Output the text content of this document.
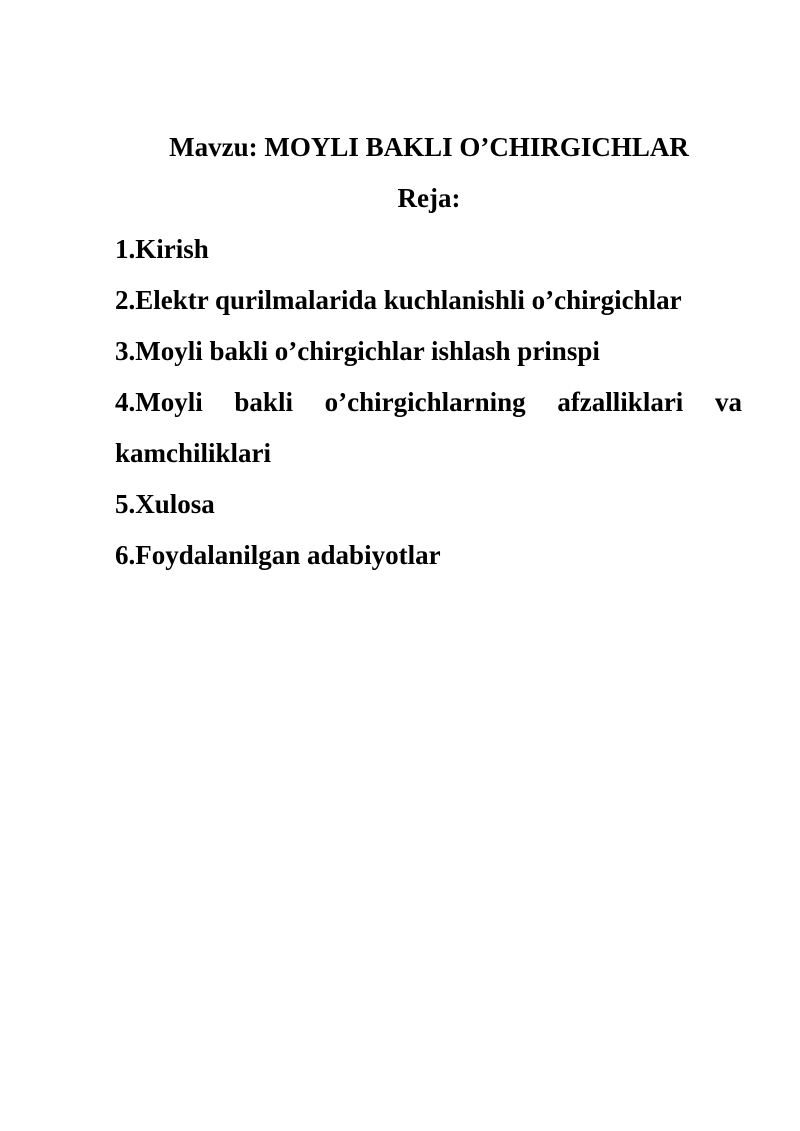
Mavzu: MOYLI BAKLI O’CHIRGICHLAR
Reja:
1.Kirish
2.Elektr qurilmalarida kuchlanishli o’chirgichlar
3.Moyli bakli o’chirgichlar ishlash prinspi
4.Moyli bakli o’chirgichlarning afzalliklari va
kamchiliklari
5.Xulosa
6.Foydalanilgan adabiyotlar
